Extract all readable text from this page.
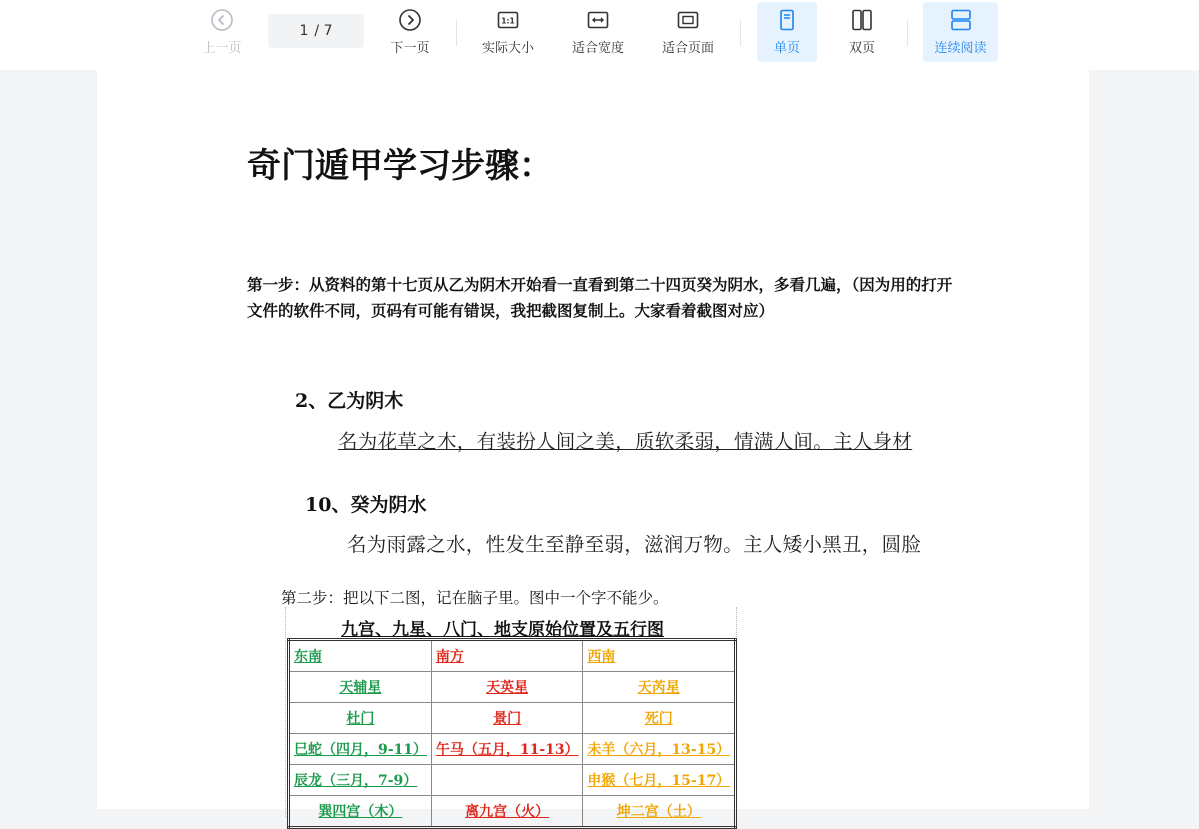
上一页
1 / 7
下一页
1:1
实际大小	适合宽度	适合页面	单页	双页	连续阅读
奇门遁甲学习步骤：
第一步：从资料的第十七页从乙为阴木开始看一直看到第二十四页癸为阴水，多看几遍，（因为用的打开文件的软件不同，页码有可能有错误，我把截图复制上。大家看着截图对应）
2、乙为阴木
名为花草之木，有装扮人间之美，质软柔弱，情满人间。主人身材
10、癸为阴水
名为雨露之水，性发生至静至弱，滋润万物。主人矮小黑丑，圆脸
第二步：把以下二图，记在脑子里。图中一个字不能少。
九宫、九星、八门、地支原始位置及五行图
东南	南方	西南
天辅星	天英星	天芮星
杜门	景门	死门
巳蛇（四月，9-11）	午马（五月，11-13）	未羊（六月，13-15）
辰龙（三月，7-9）		申猴（七月，15-17）
巽四宫（木）	离九宫（火）	坤二宫（土）
